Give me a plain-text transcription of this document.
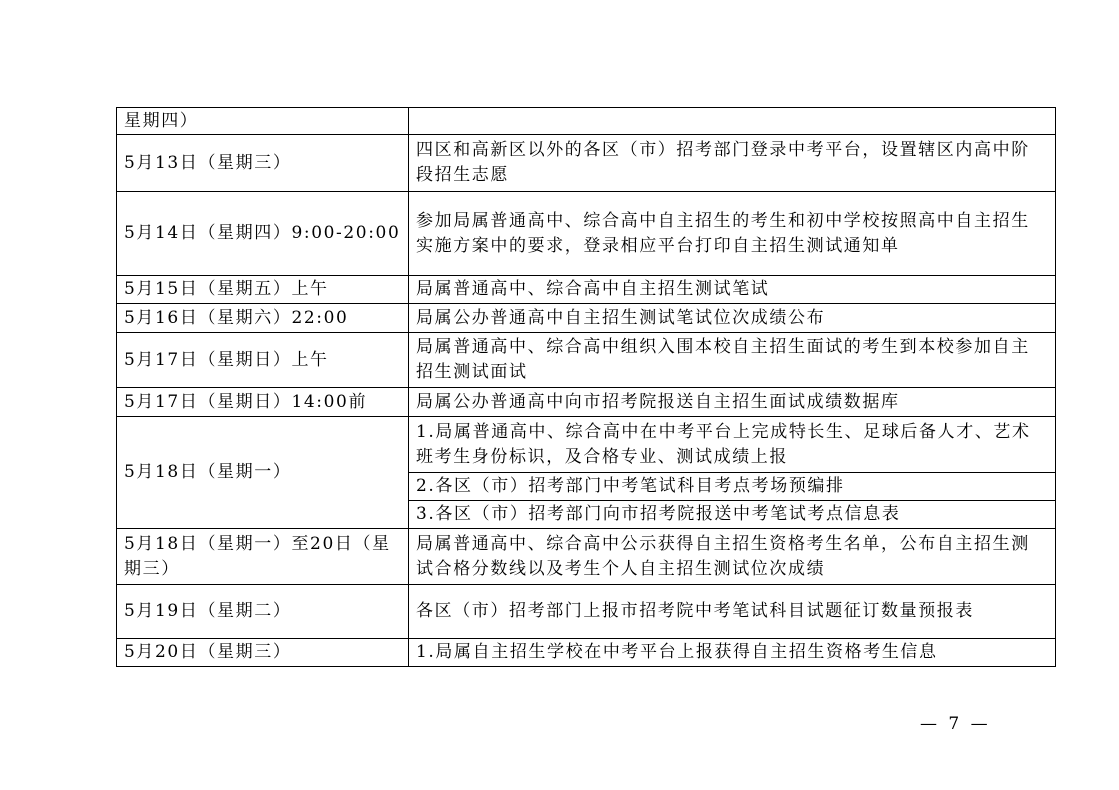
星期四）	
5月13日（星期三）	四区和高新区以外的各区（市）招考部门登录中考平台，设置辖区内高中阶段招生志愿
5月14日（星期四）9:00-20:00	参加局属普通高中、综合高中自主招生的考生和初中学校按照高中自主招生实施方案中的要求，登录相应平台打印自主招生测试通知单
5月15日（星期五）上午	局属普通高中、综合高中自主招生测试笔试
5月16日（星期六）22:00	局属公办普通高中自主招生测试笔试位次成绩公布
5月17日（星期日）上午	局属普通高中、综合高中组织入围本校自主招生面试的考生到本校参加自主招生测试面试
5月17日（星期日）14:00前	局属公办普通高中向市招考院报送自主招生面试成绩数据库
5月18日（星期一）	1.局属普通高中、综合高中在中考平台上完成特长生、足球后备人才、艺术班考生身份标识，及合格专业、测试成绩上报
	2.各区（市）招考部门中考笔试科目考点考场预编排
	3.各区（市）招考部门向市招考院报送中考笔试考点信息表
5月18日（星期一）至20日（星期三）	局属普通高中、综合高中公示获得自主招生资格考生名单，公布自主招生测试合格分数线以及考生个人自主招生测试位次成绩
5月19日（星期二）	各区（市）招考部门上报市招考院中考笔试科目试题征订数量预报表
5月20日（星期三）	1.局属自主招生学校在中考平台上报获得自主招生资格考生信息
— 7 —
